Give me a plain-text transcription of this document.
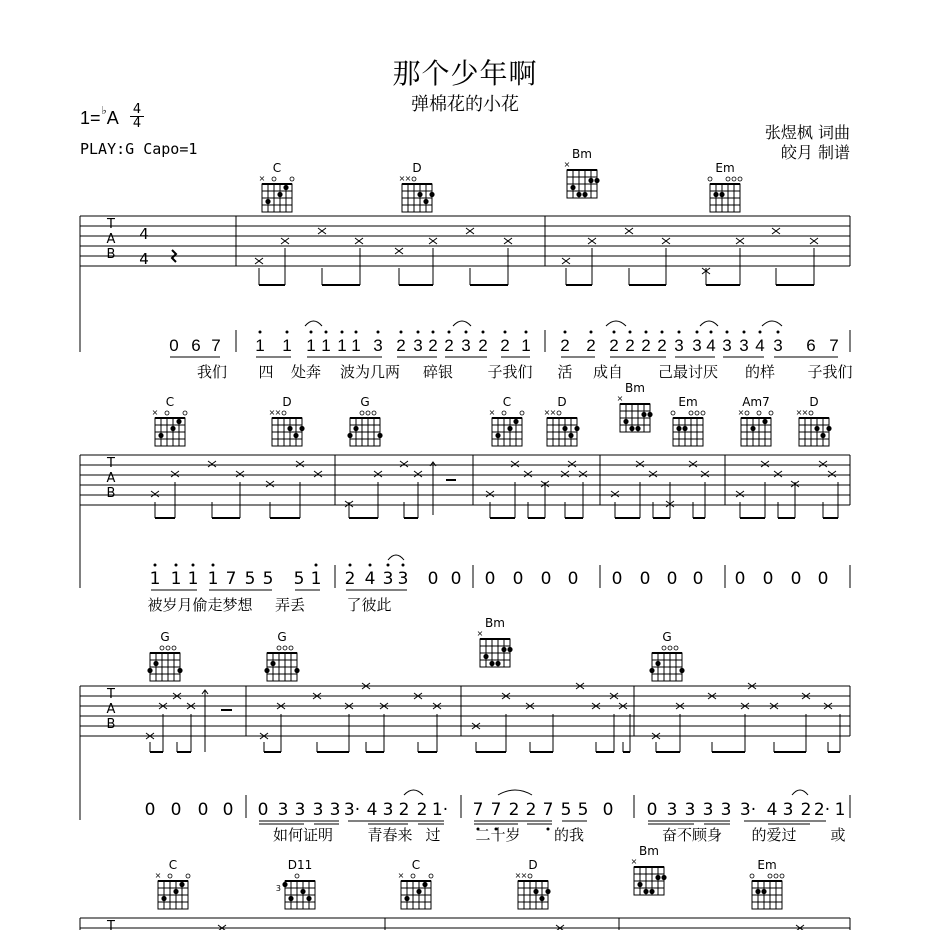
那个少年啊
弹棉花的小花
1=♭A 4
4
PLAY:G Capo=1
张煜枫 词曲
皎月 制谱
C
×
D
× ×
Bm
×	Em
T
A
B
4
4
0 6 7 1 1 1 1 1 1 3 2 3 2 2 3 2 2 1 2 2 2 2 2 2 3 3 4 3 3 4 3 6 7
我们 四 处奔 波为几两 碎银 子我们 活 成自 己最讨厌 的样 子我们
C
×
D
× ×
G	C
×
D
× ×
Bm
×	Em	Am7
×
D
× ×
T
A
B
1 1 1 1 7 5 5 5 1 2 4 3 3 0 0 0 0 0 0 0 0 0 0 0 0 0 0
被岁月偷走梦想 弄丢	了彼此
G	G
Bm
×	G
T
A
B
0 0 0 0 0 3 3 3 3 3· 4 3 2 2 1· 7 7 2 2 7 5 5 0 0 3 3 3 3 3· 4 3 2 2· 1
如何证明 青春来 过 二十岁 的我	奋不顾身 的爱过 或
C
×
D11
3
C
×
D
× ×
Bm
×	Em
T
